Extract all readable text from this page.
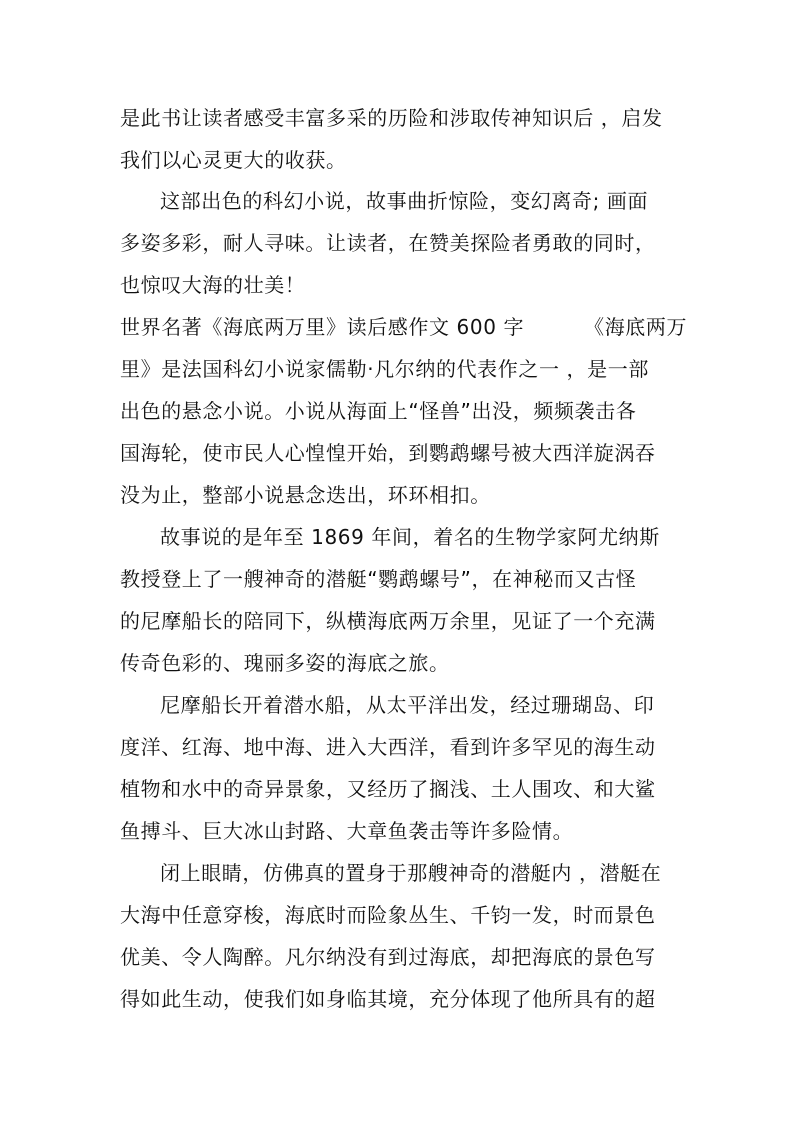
是此书让读者感受丰富多采的历险和涉取传神知识后 ，启发
我们以心灵更大的收获。
这部出色的科幻小说，故事曲折惊险，变幻离奇; 画面
多姿多彩，耐人寻味。让读者，在赞美探险者勇敢的同时，
也惊叹大海的壮美！
世界名著《海底两万里》读后感作文 600 字	《海底两万
里》是法国科幻小说家儒勒·凡尔纳的代表作之一 ，是一部
出色的悬念小说。小说从海面上“怪兽”出没，频频袭击各
国海轮，使市民人心惶惶开始，到鹦鹉螺号被大西洋旋涡吞
没为止，整部小说悬念迭出，环环相扣。
故事说的是年至 1869 年间，着名的生物学家阿尤纳斯
教授登上了一艘神奇的潜艇“鹦鹉螺号”，在神秘而又古怪
的尼摩船长的陪同下，纵横海底两万余里，见证了一个充满
传奇色彩的、瑰丽多姿的海底之旅。
尼摩船长开着潜水船，从太平洋出发，经过珊瑚岛、印
度洋、红海、地中海、进入大西洋，看到许多罕见的海生动
植物和水中的奇异景象，又经历了搁浅、土人围攻、和大鲨
鱼搏斗、巨大冰山封路、大章鱼袭击等许多险情。
闭上眼睛，仿佛真的置身于那艘神奇的潜艇内 ，潜艇在
大海中任意穿梭，海底时而险象丛生、千钧一发，时而景色
优美、令人陶醉。凡尔纳没有到过海底，却把海底的景色写
得如此生动，使我们如身临其境，充分体现了他所具有的超
